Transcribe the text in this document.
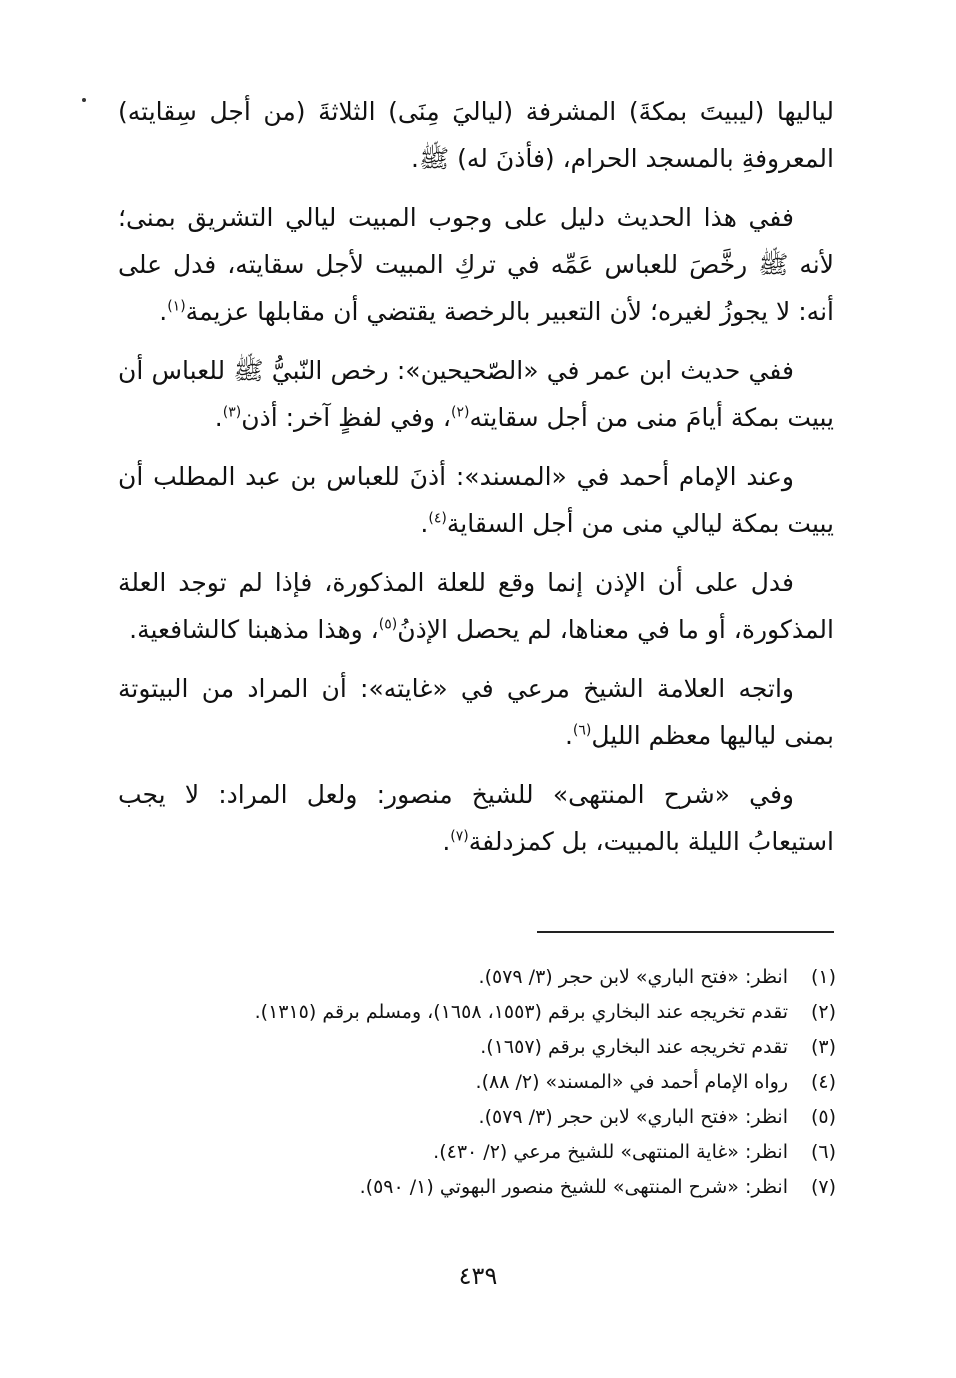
لياليها (ليبيتَ بمكةَ) المشرفة (لياليَ مِنَى) الثلاثةَ (من أجل سِقايته) المعروفةِ بالمسجد الحرام، (فأذنَ له) ﷺ.

ففي هذا الحديث دليل على وجوب المبيت ليالي التشريق بمنى؛ لأنه ﷺ رخَّصَ للعباس عَمِّه في تركِ المبيت لأجل سقايته، فدل على أنه: لا يجوزُ لغيره؛ لأن التعبير بالرخصة يقتضي أن مقابلها عزيمة$^{(١)}$.

ففي حديث ابن عمر في «الصّحيحين»: رخص النّبيُّ ﷺ للعباس أن يبيت بمكة أيامَ منى من أجل سقايته$^{(٢)}$، وفي لفظٍ آخر: أذن$^{(٣)}$.

وعند الإمام أحمد في «المسند»: أذنَ للعباس بن عبد المطلب أن يبيت بمكة ليالي منى من أجل السقاية$^{(٤)}$.

فدل على أن الإذن إنما وقع للعلة المذكورة، فإذا لم توجد العلة المذكورة، أو ما في معناها، لم يحصل الإذنُ$^{(٥)}$، وهذا مذهبنا كالشافعية.

واتجه العلامة الشيخ مرعي في «غايته»: أن المراد من البيتوتة بمنى لياليها معظم الليل$^{(٦)}$.

وفي «شرح المنتهى» للشيخ منصور: ولعل المراد: لا يجب استيعابُ الليلة بالمبيت، بل كمزدلفة$^{(٧)}$.

(١)
انظر: «فتح الباري» لابن حجر (٣/ ٥٧٩).
(٢)
تقدم تخريجه عند البخاري برقم (١٥٥٣، ١٦٥٨)، ومسلم برقم (١٣١٥).
(٣)
تقدم تخريجه عند البخاري برقم (١٦٥٧).
(٤)
رواه الإمام أحمد في «المسند» (٢/ ٨٨).
(٥)
انظر: «فتح الباري» لابن حجر (٣/ ٥٧٩).
(٦)
انظر: «غاية المنتهى» للشيخ مرعي (٢/ ٤٣٠).
(٧)
انظر: «شرح المنتهى» للشيخ منصور البهوتي (١/ ٥٩٠).
٤٣٩
